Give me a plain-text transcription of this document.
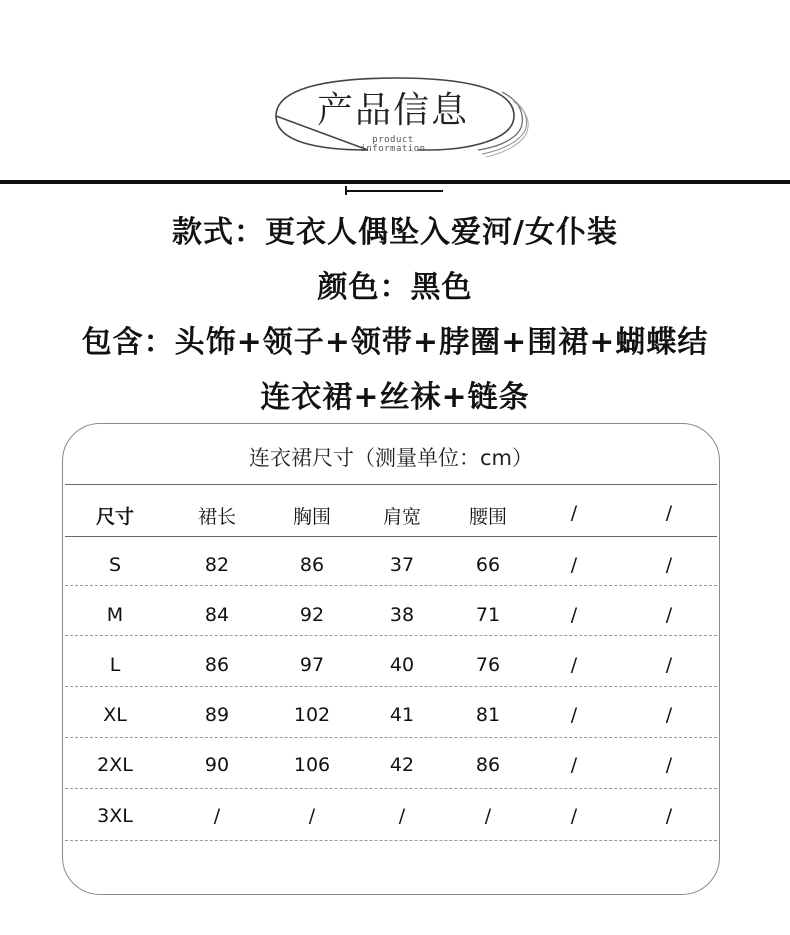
产品信息
product
information
款式：更衣人偶坠入爱河/女仆装
颜色：黑色
包含：头饰+领子+领带+脖圈+围裙+蝴蝶结
连衣裙+丝袜+链条
连衣裙尺寸（测量单位：cm）
尺寸	裙长	胸围	肩宽	腰围	/	/
S	82	86	37	66	/	/
M	84	92	38	71	/	/
L	86	97	40	76	/	/
XL	89	102	41	81	/	/
2XL	90	106	42	86	/	/
3XL	/	/	/	/	/	/
